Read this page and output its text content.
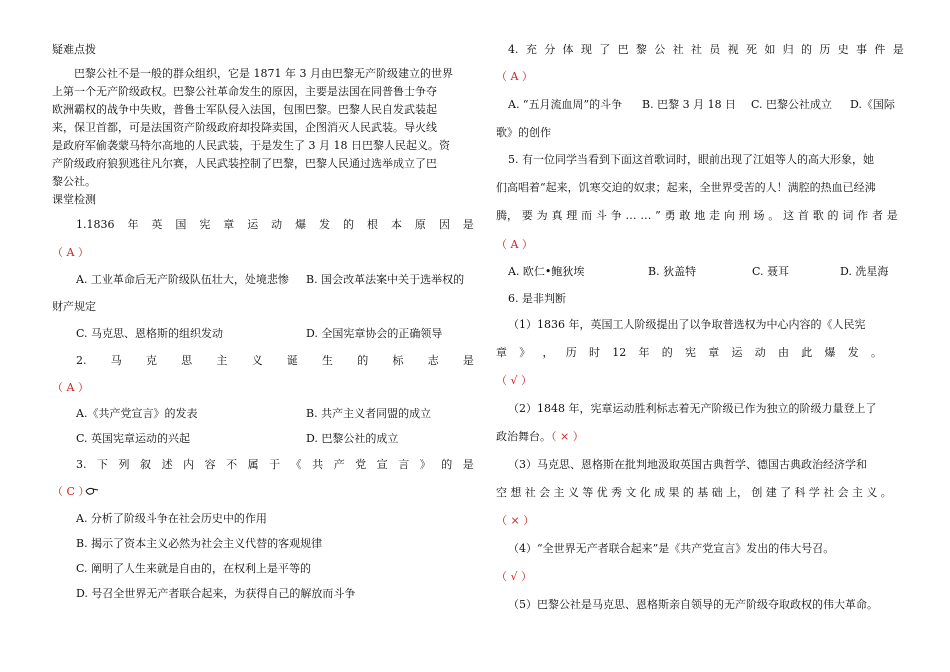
疑难点拨
巴黎公社不是一般的群众组织，它是 1871 年 3 月由巴黎无产阶级建立的世界
上第一个无产阶级政权。巴黎公社革命发生的原因，主要是法国在同普鲁士争夺
欧洲霸权的战争中失败，普鲁士军队侵入法国，包围巴黎。巴黎人民自发武装起
来，保卫首都，可是法国资产阶级政府却投降卖国，企图消灭人民武装。导火线
是政府军偷袭蒙马特尔高地的人民武装，于是发生了 3 月 18 日巴黎人民起义。资
产阶级政府狼狈逃往凡尔赛，人民武装控制了巴黎，巴黎人民通过选举成立了巴
黎公社。
课堂检测
1.1836 年 英 国 宪 章 运 动 爆 发 的 根 本 原 因 是
（ A ）
A. 工业革命后无产阶级队伍壮大，处境悲惨 B. 国会改革法案中关于选举权的
财产规定
C. 马克思、恩格斯的组织发动	D. 全国宪章协会的正确领导
2. 马 克 思 主 义 诞 生 的 标 志 是
（ A ）
A.《共产党宣言》的发表	B. 共产主义者同盟的成立
C. 英国宪章运动的兴起	D. 巴黎公社的成立
3. 下 列 叙 述 内 容 不 属 于 《 共 产 党 宣 言 》 的 是
（ C ）
A. 分析了阶级斗争在社会历史中的作用
B. 揭示了资本主义必然为社会主义代替的客观规律
C. 阐明了人生来就是自由的，在权利上是平等的
D. 号召全世界无产者联合起来，为获得自己的解放而斗争
4. 充 分 体 现 了 巴 黎 公 社 社 员 视 死 如 归 的 历 史 事 件 是
（ A ）
A. “五月流血周”的斗争 B. 巴黎 3 月 18 日 C. 巴黎公社成立 D.《国际
歌》的创作
5. 有一位同学当看到下面这首歌词时，眼前出现了江姐等人的高大形象，她
们高唱着“起来，饥寒交迫的奴隶；起来，全世界受苦的人！满腔的热血已经沸
腾， 要 为 真 理 而 斗 争 … … ” 勇 敢 地 走 向 刑 场 。 这 首 歌 的 词 作 者 是
（ A ）
A. 欧仁•鲍狄埃	B. 狄盖特	C. 聂耳	D. 冼星海
6. 是非判断
（1）1836 年，英国工人阶级提出了以争取普选权为中心内容的《人民宪
章 》 ， 历 时 12 年 的 宪 章 运 动 由 此 爆 发 。
（ √ ）
（2）1848 年，宪章运动胜利标志着无产阶级已作为独立的阶级力量登上了
政治舞台。（ × ）
（3）马克思、恩格斯在批判地汲取英国古典哲学、德国古典政治经济学和
空 想 社 会 主 义 等 优 秀 文 化 成 果 的 基 础 上， 创 建 了 科 学 社 会 主 义 。
（ × ）
（4）“全世界无产者联合起来”是《共产党宣言》发出的伟大号召。
（ √ ）
（5）巴黎公社是马克思、恩格斯亲自领导的无产阶级夺取政权的伟大革命。
